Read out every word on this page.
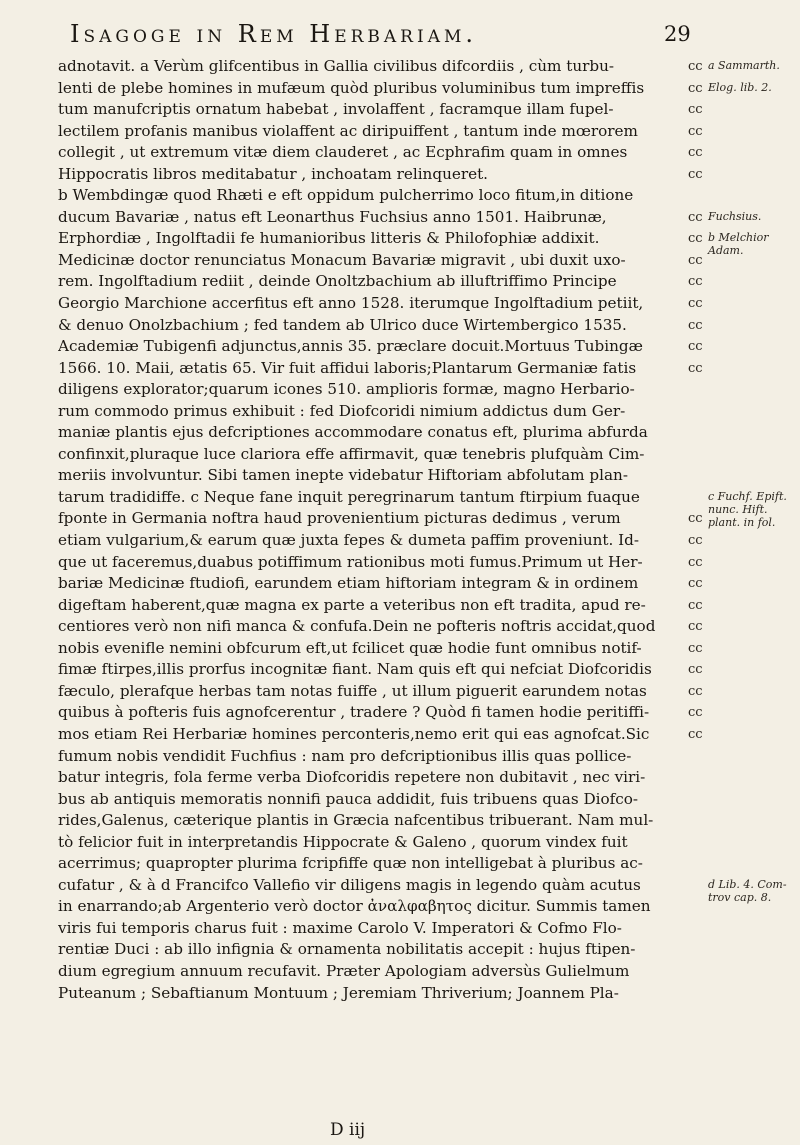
Isagoge in Rem Herbariam.	29
adnotavit. a Verùm glifcentibus in Gallia civilibus difcordiis , cùm turbu-
lenti de plebe homines in mufæum quòd pluribus voluminibus tum impreffis
tum manufcriptis ornatum habebat , involaffent , facramque illam fupel-
lectilem profanis manibus violaffent ac diripuiffent , tantum inde mœrorem
collegit , ut extremum vitæ diem clauderet , ac Ecphrafim quam in omnes
Hippocratis libros meditabatur , inchoatam relinqueret.
b Wembdingæ quod Rhæti e eft oppidum pulcherrimo loco fitum,in ditione
ducum Bavariæ , natus eft Leonarthus Fuchsius anno 1501. Haibrunæ,
Erphordiæ , Ingolftadii fe humanioribus litteris & Philofophiæ addixit.
Medicinæ doctor renunciatus Monacum Bavariæ migravit , ubi duxit uxo-
rem. Ingolftadium rediit , deinde Onoltzbachium ab illuftriffimo Principe
Georgio Marchione accerfitus eft anno 1528. iterumque Ingolftadium petiit,
& denuo Onolzbachium ; fed tandem ab Ulrico duce Wirtembergico 1535.
Academiæ Tubigenfi adjunctus,annis 35. præclare docuit.Mortuus Tubingæ
1566. 10. Maii, ætatis 65. Vir fuit affidui laboris;Plantarum Germaniæ fatis
diligens explorator;quarum icones 510. amplioris formæ, magno Herbario-
rum commodo primus exhibuit : fed Diofcoridi nimium addictus dum Ger-
maniæ plantis ejus defcriptiones accommodare conatus eft, plurima abfurda
confinxit,pluraque luce clariora effe affirmavit, quæ tenebris plufquàm Cim-
meriis involvuntur. Sibi tamen inepte videbatur Hiftoriam abfolutam plan-
tarum tradidiffe. c Neque fane inquit peregrinarum tantum ftirpium fuaque
fponte in Germania noftra haud provenientium picturas dedimus , verum
etiam vulgarium,& earum quæ juxta fepes & dumeta paffim proveniunt. Id-
que ut faceremus,duabus potiffimum rationibus moti fumus.Primum ut Her-
bariæ Medicinæ ftudiofi, earundem etiam hiftoriam integram & in ordinem
digeftam haberent,quæ magna ex parte a veteribus non eft tradita, apud re-
centiores verò non nifi manca & confufa.Dein ne pofteris noftris accidat,quod
nobis evenifle nemini obfcurum eft,ut fcilicet quæ hodie funt omnibus notif-
fimæ ftirpes,illis prorfus incognitæ fiant. Nam quis eft qui nefciat Diofcoridis
fæculo, plerafque herbas tam notas fuiffe , ut illum piguerit earundem notas
quibus à pofteris fuis agnofcerentur , tradere ? Quòd fi tamen hodie peritiffi-
mos etiam Rei Herbariæ homines perconteris,nemo erit qui eas agnofcat.Sic
fumum nobis vendidit Fuchfius : nam pro defcriptionibus illis quas pollice-
batur integris, fola ferme verba Diofcoridis repetere non dubitavit , nec viri-
bus ab antiquis memoratis nonnifi pauca addidit, fuis tribuens quas Diofco-
rides,Galenus, cæterique plantis in Græcia nafcentibus tribuerant. Nam mul-
tò felicior fuit in interpretandis Hippocrate & Galeno , quorum vindex fuit
acerrimus; quapropter plurima fcripfiffe quæ non intelligebat à pluribus ac-
cufatur , & à d Francifco Vallefio vir diligens magis in legendo quàm acutus
in enarrando;ab Argenterio verò doctor ἀναλφαβητος dicitur. Summis tamen
viris fui temporis charus fuit : maxime Carolo V. Imperatori & Cofmo Flo-
rentiæ Duci : ab illo infignia & ornamenta nobilitatis accepit : hujus ftipen-
dium egregium annuum recufavit. Præter Apologiam adversùs Gulielmum
Puteanum ; Sebaftianum Montuum ; Jeremiam Thriverium; Joannem Pla-
cc
cc
cc
cc
cc
cc
cc
cc
cc
cc
cc
cc
cc
cc
cc
cc
cc
cc
cc
cc
cc
cc
cc
cc
cc
a Sammarth.
Elog. lib. 2.
Fuchsius.
b Melchior Adam.
c Fuchf. Epift. nunc. Hift. plant. in fol.
d Lib. 4. Com-trov cap. 8.
D iij
